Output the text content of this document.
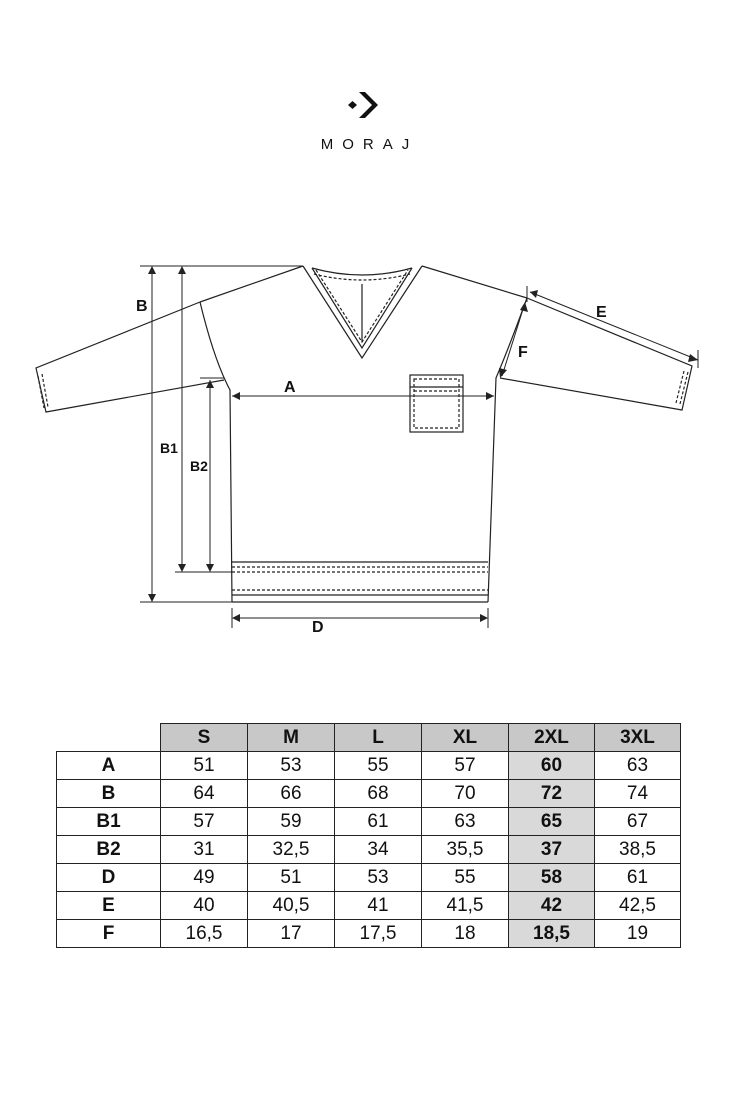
MORAJ
B
B1
B2
A
D
E
F
	S	M	L	XL	2XL	3XL
A	51	53	55	57	60	63
B	64	66	68	70	72	74
B1	57	59	61	63	65	67
B2	31	32,5	34	35,5	37	38,5
D	49	51	53	55	58	61
E	40	40,5	41	41,5	42	42,5
F	16,5	17	17,5	18	18,5	19
